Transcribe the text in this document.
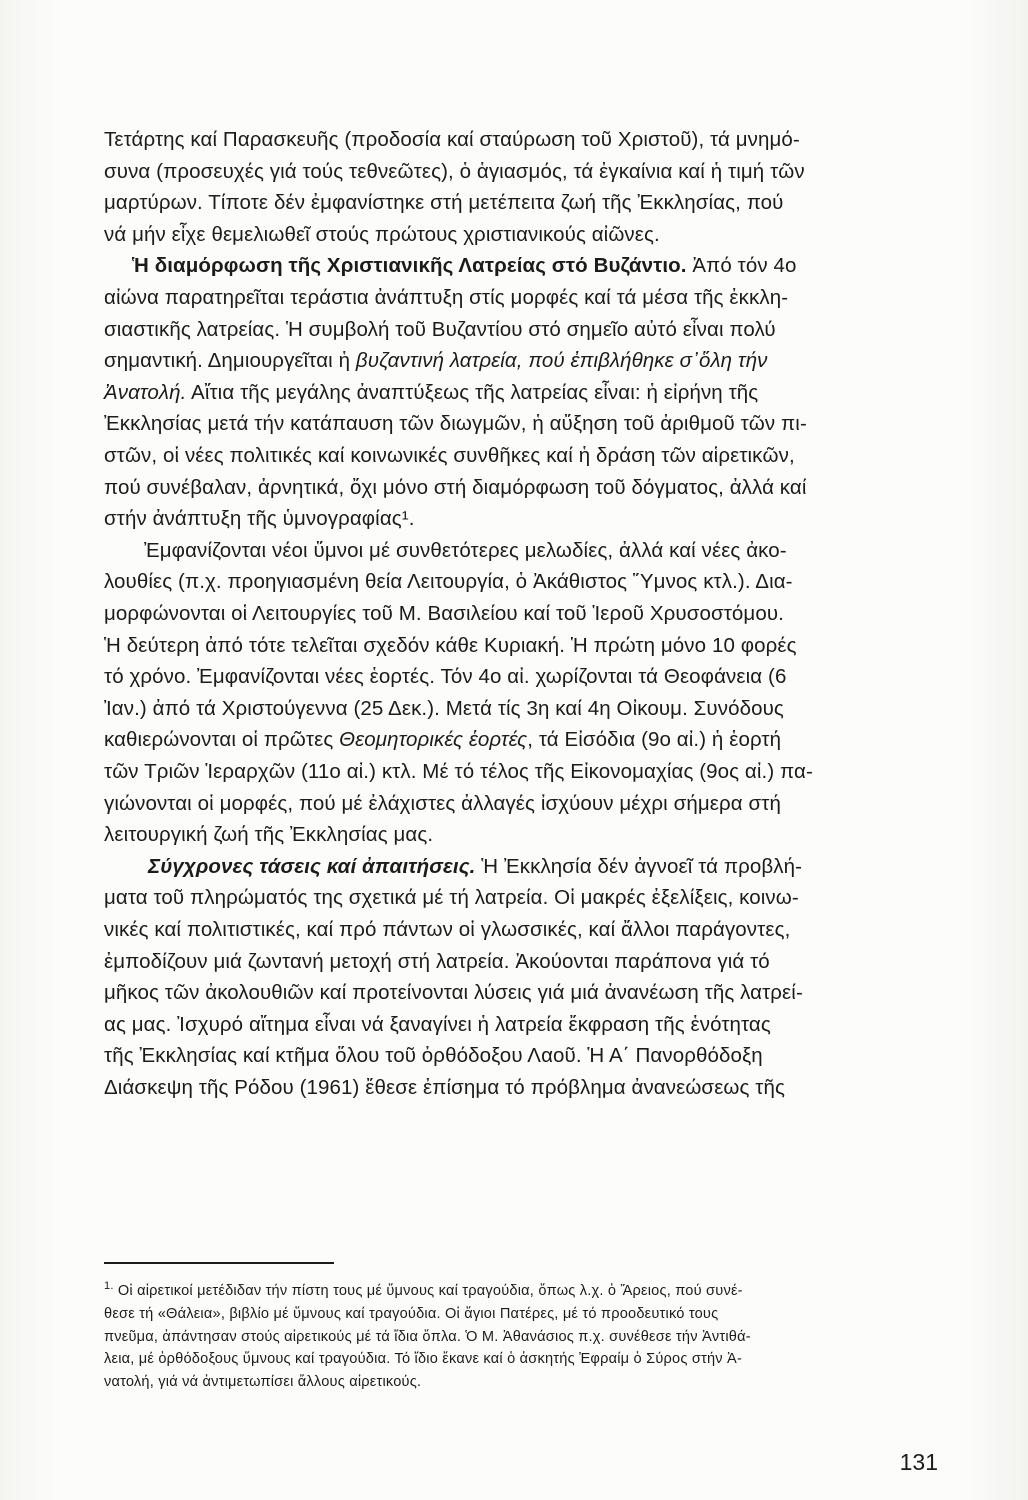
Τετάρτης καί Παρασκευῆς (προδοσία καί σταύρωση τοῦ Χριστοῦ), τά μνημό-
συνα (προσευχές γιά τούς τεθνεῶτες), ὁ ἁγιασμός, τά ἐγκαίνια καί ἡ τιμή τῶν
μαρτύρων. Τίποτε δέν ἐμφανίστηκε στή μετέπειτα ζωή τῆς Ἐκκλησίας, πού
νά μήν εἶχε θεμελιωθεῖ στούς πρώτους χριστιανικούς αἰῶνες.
Ἡ διαμόρφωση τῆς Χριστιανικῆς Λατρείας στό Βυζάντιο. Ἀπό τόν 4ο
αἰώνα παρατηρεῖται τεράστια ἀνάπτυξη στίς μορφές καί τά μέσα τῆς ἐκκλη-
σιαστικῆς λατρείας. Ἡ συμβολή τοῦ Βυζαντίου στό σημεῖο αὐτό εἶναι πολύ
σημαντική. Δημιουργεῖται ἡ βυζαντινή λατρεία, πού ἐπιβλήθηκε σ᾽ὅλη τήν
Ἀνατολή. Αἴτια τῆς μεγάλης ἀναπτύξεως τῆς λατρείας εἶναι: ἡ εἰρήνη τῆς
Ἐκκλησίας μετά τήν κατάπαυση τῶν διωγμῶν, ἡ αὔξηση τοῦ ἀριθμοῦ τῶν πι-
στῶν, οἱ νέες πολιτικές καί κοινωνικές συνθῆκες καί ἡ δράση τῶν αἱρετικῶν,
πού συνέβαλαν, ἀρνητικά, ὄχι μόνο στή διαμόρφωση τοῦ δόγματος, ἀλλά καί
στήν ἀνάπτυξη τῆς ὑμνογραφίας¹.
Ἐμφανίζονται νέοι ὕμνοι μέ συνθετότερες μελωδίες, ἀλλά καί νέες ἀκο-
λουθίες (π.χ. προηγιασμένη θεία Λειτουργία, ὁ Ἀκάθιστος Ὕμνος κτλ.). Δια-
μορφώνονται οἱ Λειτουργίες τοῦ Μ. Βασιλείου καί τοῦ Ἱεροῦ Χρυσοστόμου.
Ἡ δεύτερη ἀπό τότε τελεῖται σχεδόν κάθε Κυριακή. Ἡ πρώτη μόνο 10 φορές
τό χρόνο. Ἐμφανίζονται νέες ἑορτές. Τόν 4ο αἰ. χωρίζονται τά Θεοφάνεια (6
Ἰαν.) ἀπό τά Χριστούγεννα (25 Δεκ.). Μετά τίς 3η καί 4η Οἰκουμ. Συνόδους
καθιερώνονται οἱ πρῶτες Θεομητορικές ἑορτές, τά Εἰσόδια (9ο αἰ.) ἡ ἑορτή
τῶν Τριῶν Ἱεραρχῶν (11ο αἰ.) κτλ. Μέ τό τέλος τῆς Εἰκονομαχίας (9ος αἰ.) πα-
γιώνονται οἱ μορφές, πού μέ ἐλάχιστες ἀλλαγές ἰσχύουν μέχρι σήμερα στή
λειτουργική ζωή τῆς Ἐκκλησίας μας.
Σύγχρονες τάσεις καί ἀπαιτήσεις. Ἡ Ἐκκλησία δέν ἀγνοεῖ τά προβλή-
ματα τοῦ πληρώματός της σχετικά μέ τή λατρεία. Οἱ μακρές ἐξελίξεις, κοινω-
νικές καί πολιτιστικές, καί πρό πάντων οἱ γλωσσικές, καί ἄλλοι παράγοντες,
ἐμποδίζουν μιά ζωντανή μετοχή στή λατρεία. Ἀκούονται παράπονα γιά τό
μῆκος τῶν ἀκολουθιῶν καί προτείνονται λύσεις γιά μιά ἀνανέωση τῆς λατρεί-
ας μας. Ἰσχυρό αἴτημα εἶναι νά ξαναγίνει ἡ λατρεία ἔκφραση τῆς ἑνότητας
τῆς Ἐκκλησίας καί κτῆμα ὅλου τοῦ ὀρθόδοξου Λαοῦ. Ἡ Α΄ Πανορθόδοξη
Διάσκεψη τῆς Ρόδου (1961) ἔθεσε ἐπίσημα τό πρόβλημα ἀνανεώσεως τῆς
$^{1.}$ Οἱ αἱρετικοί μετέδιδαν τήν πίστη τους μέ ὕμνους καί τραγούδια, ὅπως λ.χ. ὁ Ἄρειος, πού συνέ-
θεσε τή «Θάλεια», βιβλίο μέ ὕμνους καί τραγούδια. Οἱ ἅγιοι Πατέρες, μέ τό προοδευτικό τους
πνεῦμα, ἀπάντησαν στούς αἱρετικούς μέ τά ἴδια ὅπλα. Ὁ Μ. Ἀθανάσιος π.χ. συνέθεσε τήν Ἀντιθά-
λεια, μέ ὀρθόδοξους ὕμνους καί τραγούδια. Τό ἴδιο ἔκανε καί ὁ ἀσκητής Ἐφραίμ ὁ Σύρος στήν Ἀ-
νατολή, γιά νά ἀντιμετωπίσει ἄλλους αἱρετικούς.
131
